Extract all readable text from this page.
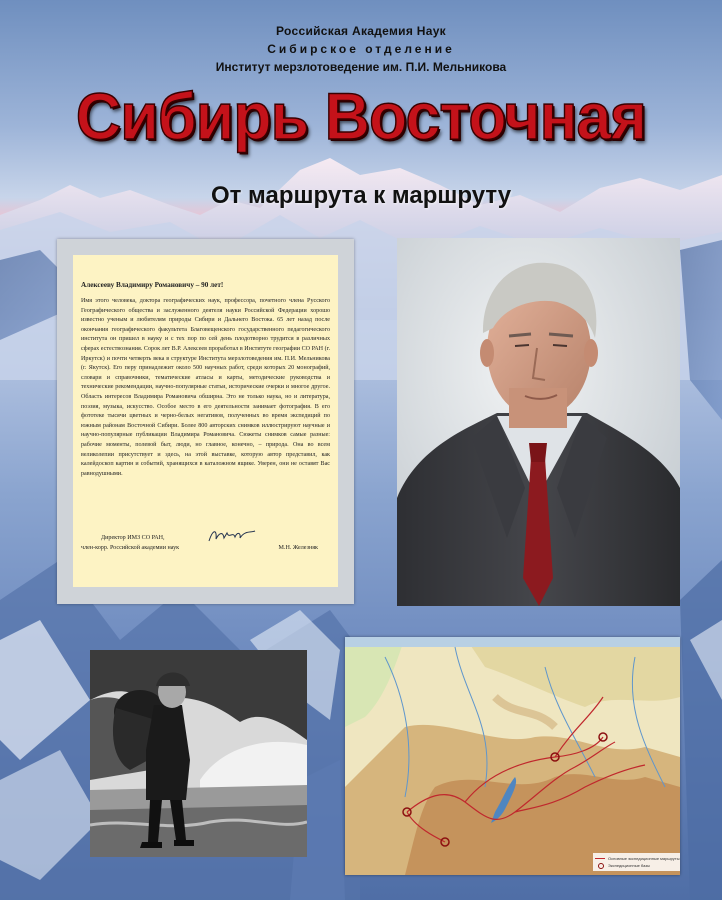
Российская Академия Наук
Сибирское отделение
Институт мерзлотоведение им. П.И. Мельникова
Сибирь Восточная
От маршрута к маршруту
Алексееву Владимиру Романовичу – 90 лет!
Имя этого человека, доктора географических наук, профессора, почетного члена Русского Географического общества и заслуженного деятеля науки Российской Федерации хорошо известно ученым и любителям природы Сибири и Дальнего Востока. 65 лет назад после окончания географического факультета Благовещенского государственного педагогического института он пришел в науку и с тех пор по сей день плодотворно трудится в различных сферах естествознания. Сорок лет В.Р. Алексеев проработал в Институте географии СО РАН (г. Иркутск) и почти четверть века в структуре Института мерзлотоведения им. П.И. Мельникова (г. Якутск). Его перу принадлежит около 500 научных работ, среди которых 20 монографий, словари и справочники, тематические атласы и карты, методические руководства и технические рекомендации, научно-популярные статьи, исторические очерки и многое другое. Область интересов Владимира Романовича обширна. Это не только наука, но и литература, поэзия, музыка, искусство. Особое место в его деятельности занимает фотография. В его фототеке тысячи цветных и черно-белых негативов, полученных во время экспедиций по южным районам Восточной Сибири. Более 800 авторских снимков иллюстрируют научные и научно-популярные публикации Владимира Романовича. Сюжеты снимков самые разные: рабочие моменты, полевой быт, люди, но главное, конечно, – природа. Она во всем великолепии присутствует и здесь, на этой выставке, которую автор представил, как калейдоскоп картин и событий, хранящихся в каталожном ящике. Уверен, они не оставят Вас равнодушными.
Директор ИМЗ СО РАН,
член-корр. Российской академии наук	М.Н. Железняк
Основные экспедиционные маршруты
Экспедиционные базы
